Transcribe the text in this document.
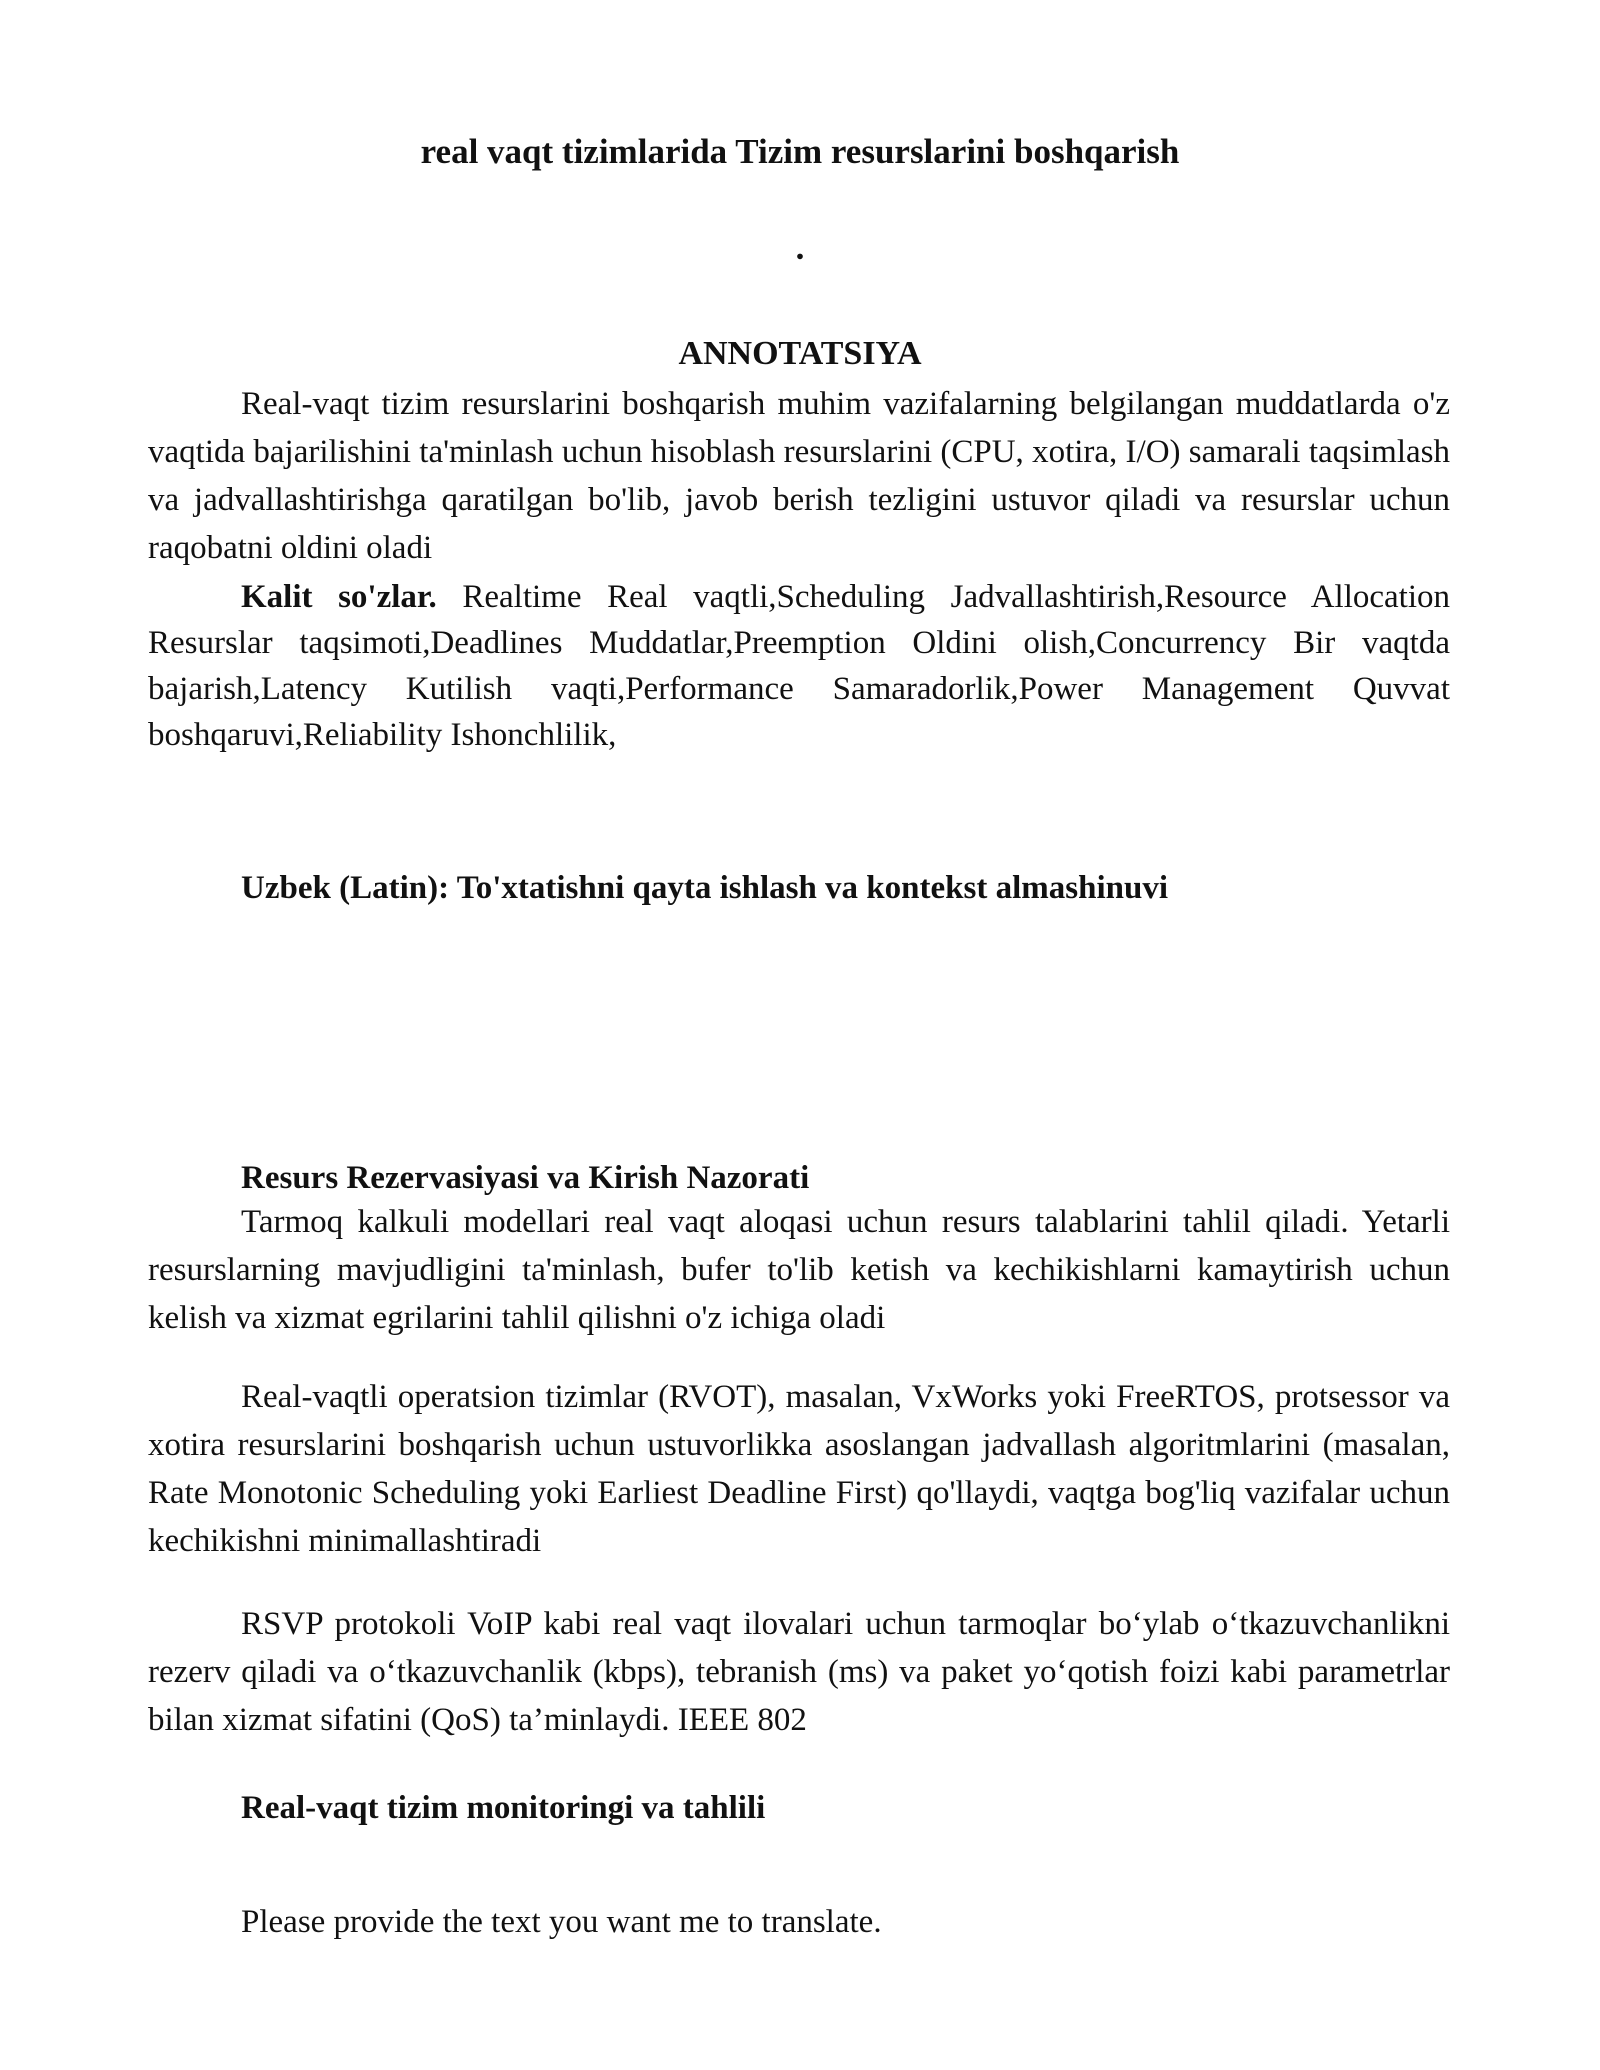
real vaqt tizimlarida Tizim resurslarini boshqarish
.
ANNOTATSIYA

Real-vaqt tizim resurslarini boshqarish muhim vazifalarning belgilangan muddatlarda o'z vaqtida bajarilishini ta'minlash uchun hisoblash resurslarini (CPU, xotira, I/O) samarali taqsimlash va jadvallashtirishga qaratilgan bo'lib, javob berish tezligini ustuvor qiladi va resurslar uchun raqobatni oldini oladi

Kalit so'zlar. Realtime Real vaqtli,Scheduling Jadvallashtirish,Resource Allocation Resurslar taqsimoti,Deadlines Muddatlar,Preemption Oldini olish,Concurrency Bir vaqtda bajarish,Latency Kutilish vaqti,Performance Samaradorlik,Power Management Quvvat boshqaruvi,Reliability Ishonchlilik,

Uzbek (Latin): To'xtatishni qayta ishlash va kontekst almashinuvi
Resurs Rezervasiyasi va Kirish Nazorati

Tarmoq kalkuli modellari real vaqt aloqasi uchun resurs talablarini tahlil qiladi. Yetarli resurslarning mavjudligini ta'minlash, bufer to'lib ketish va kechikishlarni kamaytirish uchun kelish va xizmat egrilarini tahlil qilishni o'z ichiga oladi

Real-vaqtli operatsion tizimlar (RVOT), masalan, VxWorks yoki FreeRTOS, protsessor va xotira resurslarini boshqarish uchun ustuvorlikka asoslangan jadvallash algoritmlarini (masalan, Rate Monotonic Scheduling yoki Earliest Deadline First) qo'llaydi, vaqtga bog'liq vazifalar uchun kechikishni minimallashtiradi

RSVP protokoli VoIP kabi real vaqt ilovalari uchun tarmoqlar bo‘ylab o‘tkazuvchanlikni rezerv qiladi va o‘tkazuvchanlik (kbps), tebranish (ms) va paket yo‘qotish foizi kabi parametrlar bilan xizmat sifatini (QoS) ta’minlaydi. IEEE 802

Real-vaqt tizim monitoringi va tahlili

Please provide the text you want me to translate.
